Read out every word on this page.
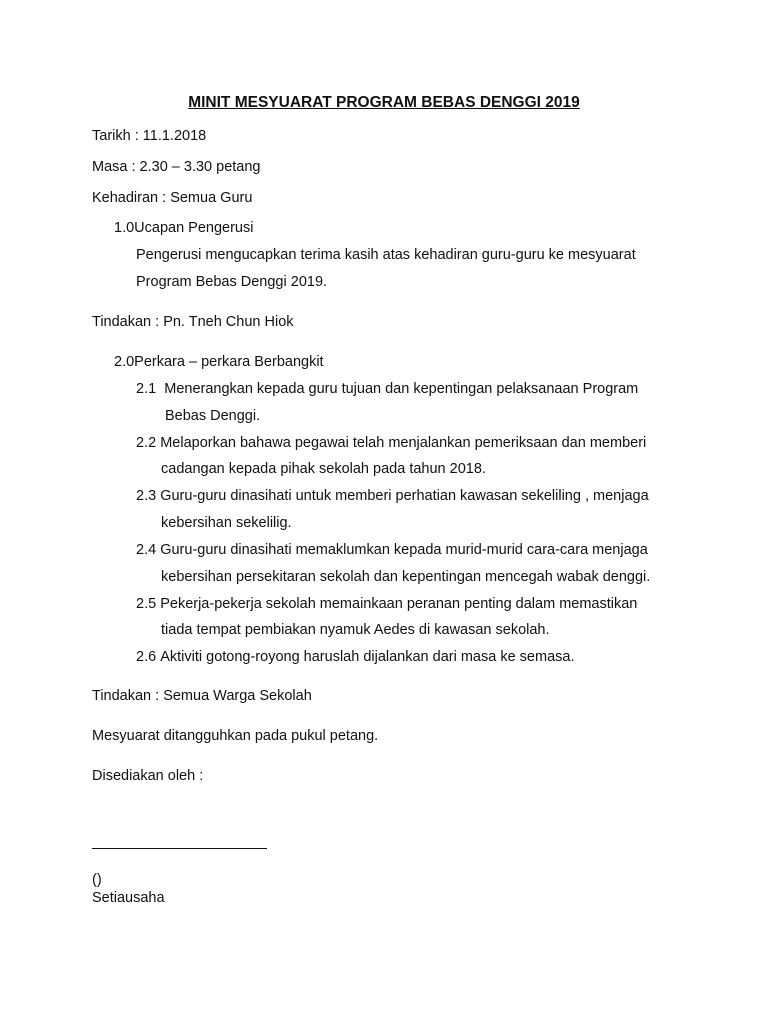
MINIT MESYUARAT PROGRAM BEBAS DENGGI 2019
Tarikh : 11.1.2018
Masa : 2.30 – 3.30 petang
Kehadiran : Semua Guru
1.0Ucapan Pengerusi
Pengerusi mengucapkan terima kasih atas kehadiran guru-guru ke mesyuarat
Program Bebas Denggi 2019.
Tindakan : Pn. Tneh Chun Hiok
2.0Perkara – perkara Berbangkit
2.1 Menerangkan kepada guru tujuan dan kepentingan pelaksanaan Program
Bebas Denggi.
2.2 Melaporkan bahawa pegawai telah menjalankan pemeriksaan dan memberi
cadangan kepada pihak sekolah pada tahun 2018.
2.3 Guru-guru dinasihati untuk memberi perhatian kawasan sekeliling , menjaga
kebersihan sekelilig.
2.4 Guru-guru dinasihati memaklumkan kepada murid-murid cara-cara menjaga
kebersihan persekitaran sekolah dan kepentingan mencegah wabak denggi.
2.5 Pekerja-pekerja sekolah memainkaan peranan penting dalam memastikan
tiada tempat pembiakan nyamuk Aedes di kawasan sekolah.
2.6 Aktiviti gotong-royong haruslah dijalankan dari masa ke semasa.
Tindakan : Semua Warga Sekolah
Mesyuarat ditangguhkan pada pukul petang.
Disediakan oleh :
()
Setiausaha
